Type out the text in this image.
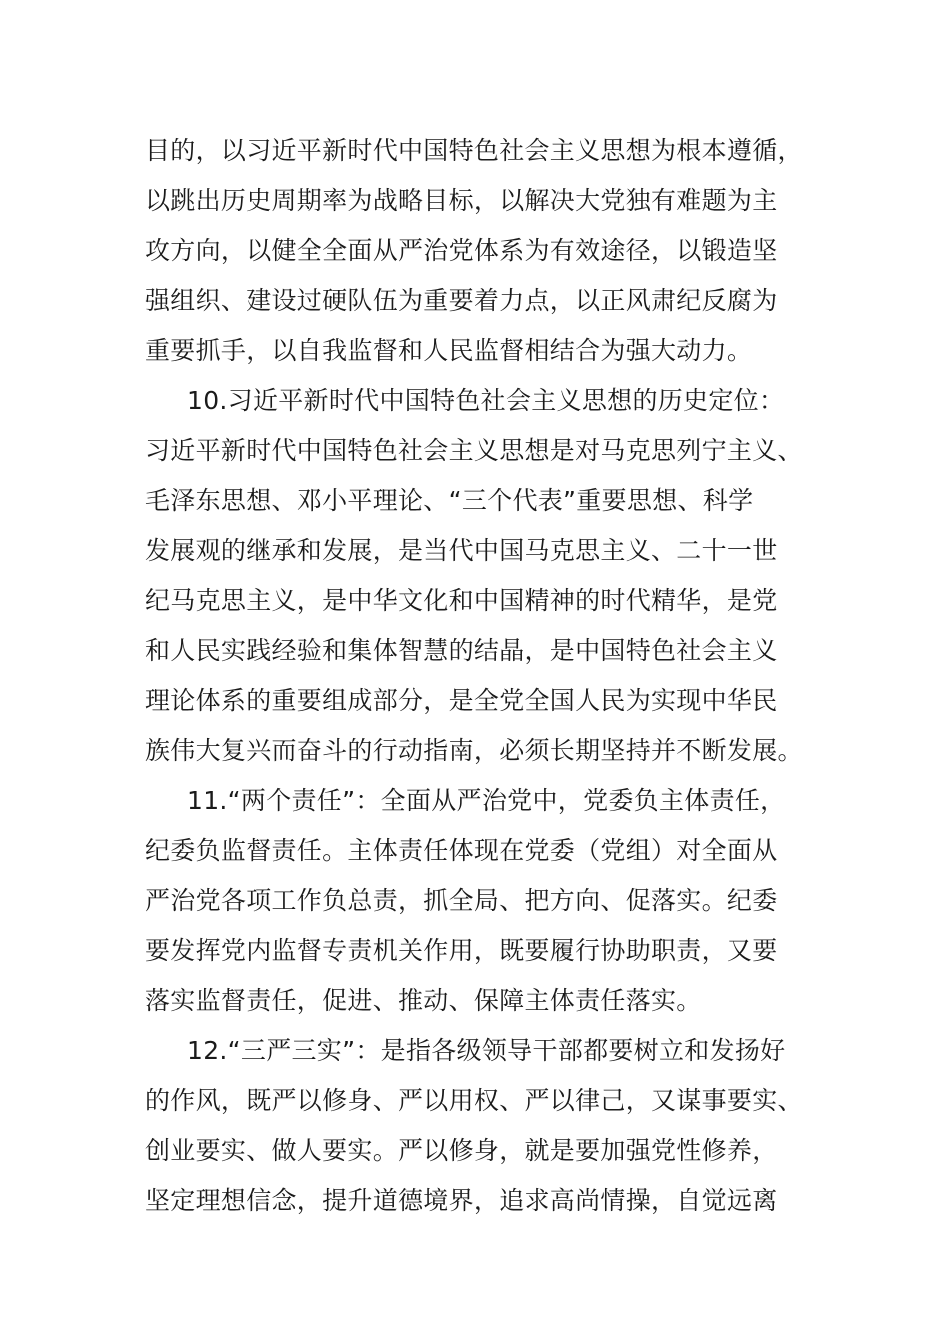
目的，以习近平新时代中国特色社会主义思想为根本遵循，
以跳出历史周期率为战略目标，以解决大党独有难题为主
攻方向，以健全全面从严治党体系为有效途径，以锻造坚
强组织、建设过硬队伍为重要着力点，以正风肃纪反腐为
重要抓手，以自我监督和人民监督相结合为强大动力。
10.习近平新时代中国特色社会主义思想的历史定位：
习近平新时代中国特色社会主义思想是对马克思列宁主义、
毛泽东思想、邓小平理论、“三个代表”重要思想、科学
发展观的继承和发展，是当代中国马克思主义、二十一世
纪马克思主义，是中华文化和中国精神的时代精华，是党
和人民实践经验和集体智慧的结晶，是中国特色社会主义
理论体系的重要组成部分，是全党全国人民为实现中华民
族伟大复兴而奋斗的行动指南，必须长期坚持并不断发展。
11.“两个责任”：全面从严治党中，党委负主体责任，
纪委负监督责任。主体责任体现在党委（党组）对全面从
严治党各项工作负总责，抓全局、把方向、促落实。纪委
要发挥党内监督专责机关作用，既要履行协助职责，又要
落实监督责任，促进、推动、保障主体责任落实。
12.“三严三实”：是指各级领导干部都要树立和发扬好
的作风，既严以修身、严以用权、严以律己，又谋事要实、
创业要实、做人要实。严以修身，就是要加强党性修养，
坚定理想信念，提升道德境界，追求高尚情操，自觉远离
